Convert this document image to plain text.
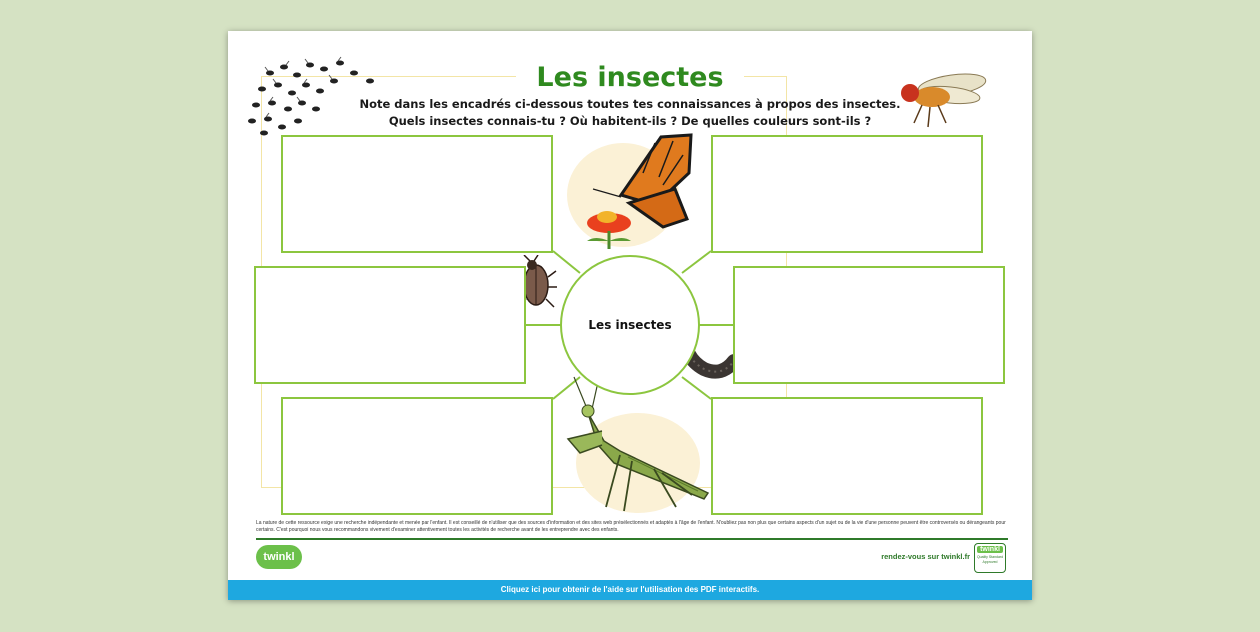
Les insectes
Note dans les encadrés ci-dessous toutes tes connaissances à propos des insectes.
Quels insectes connais-tu ? Où habitent-ils ? De quelles couleurs sont-ils ?
Les insectes
La nature de cette ressource exige une recherche indépendante et menée par l'enfant. Il est conseillé de n'utiliser que des sources d'information et des sites web présélectionnés et adaptés à l'âge de l'enfant. N'oubliez pas non plus que certains aspects d'un sujet ou de la vie d'une personne peuvent être controversés ou dérangeants pour certains. C'est pourquoi nous vous recommandons vivement d'examiner attentivement toutes les activités de recherche avant de les entreprendre avec des enfants.
twinkl	rendez-vous sur twinkl.fr
twinkl
Quality Standard Approved
Cliquez ici pour obtenir de l'aide sur l'utilisation des PDF interactifs.
